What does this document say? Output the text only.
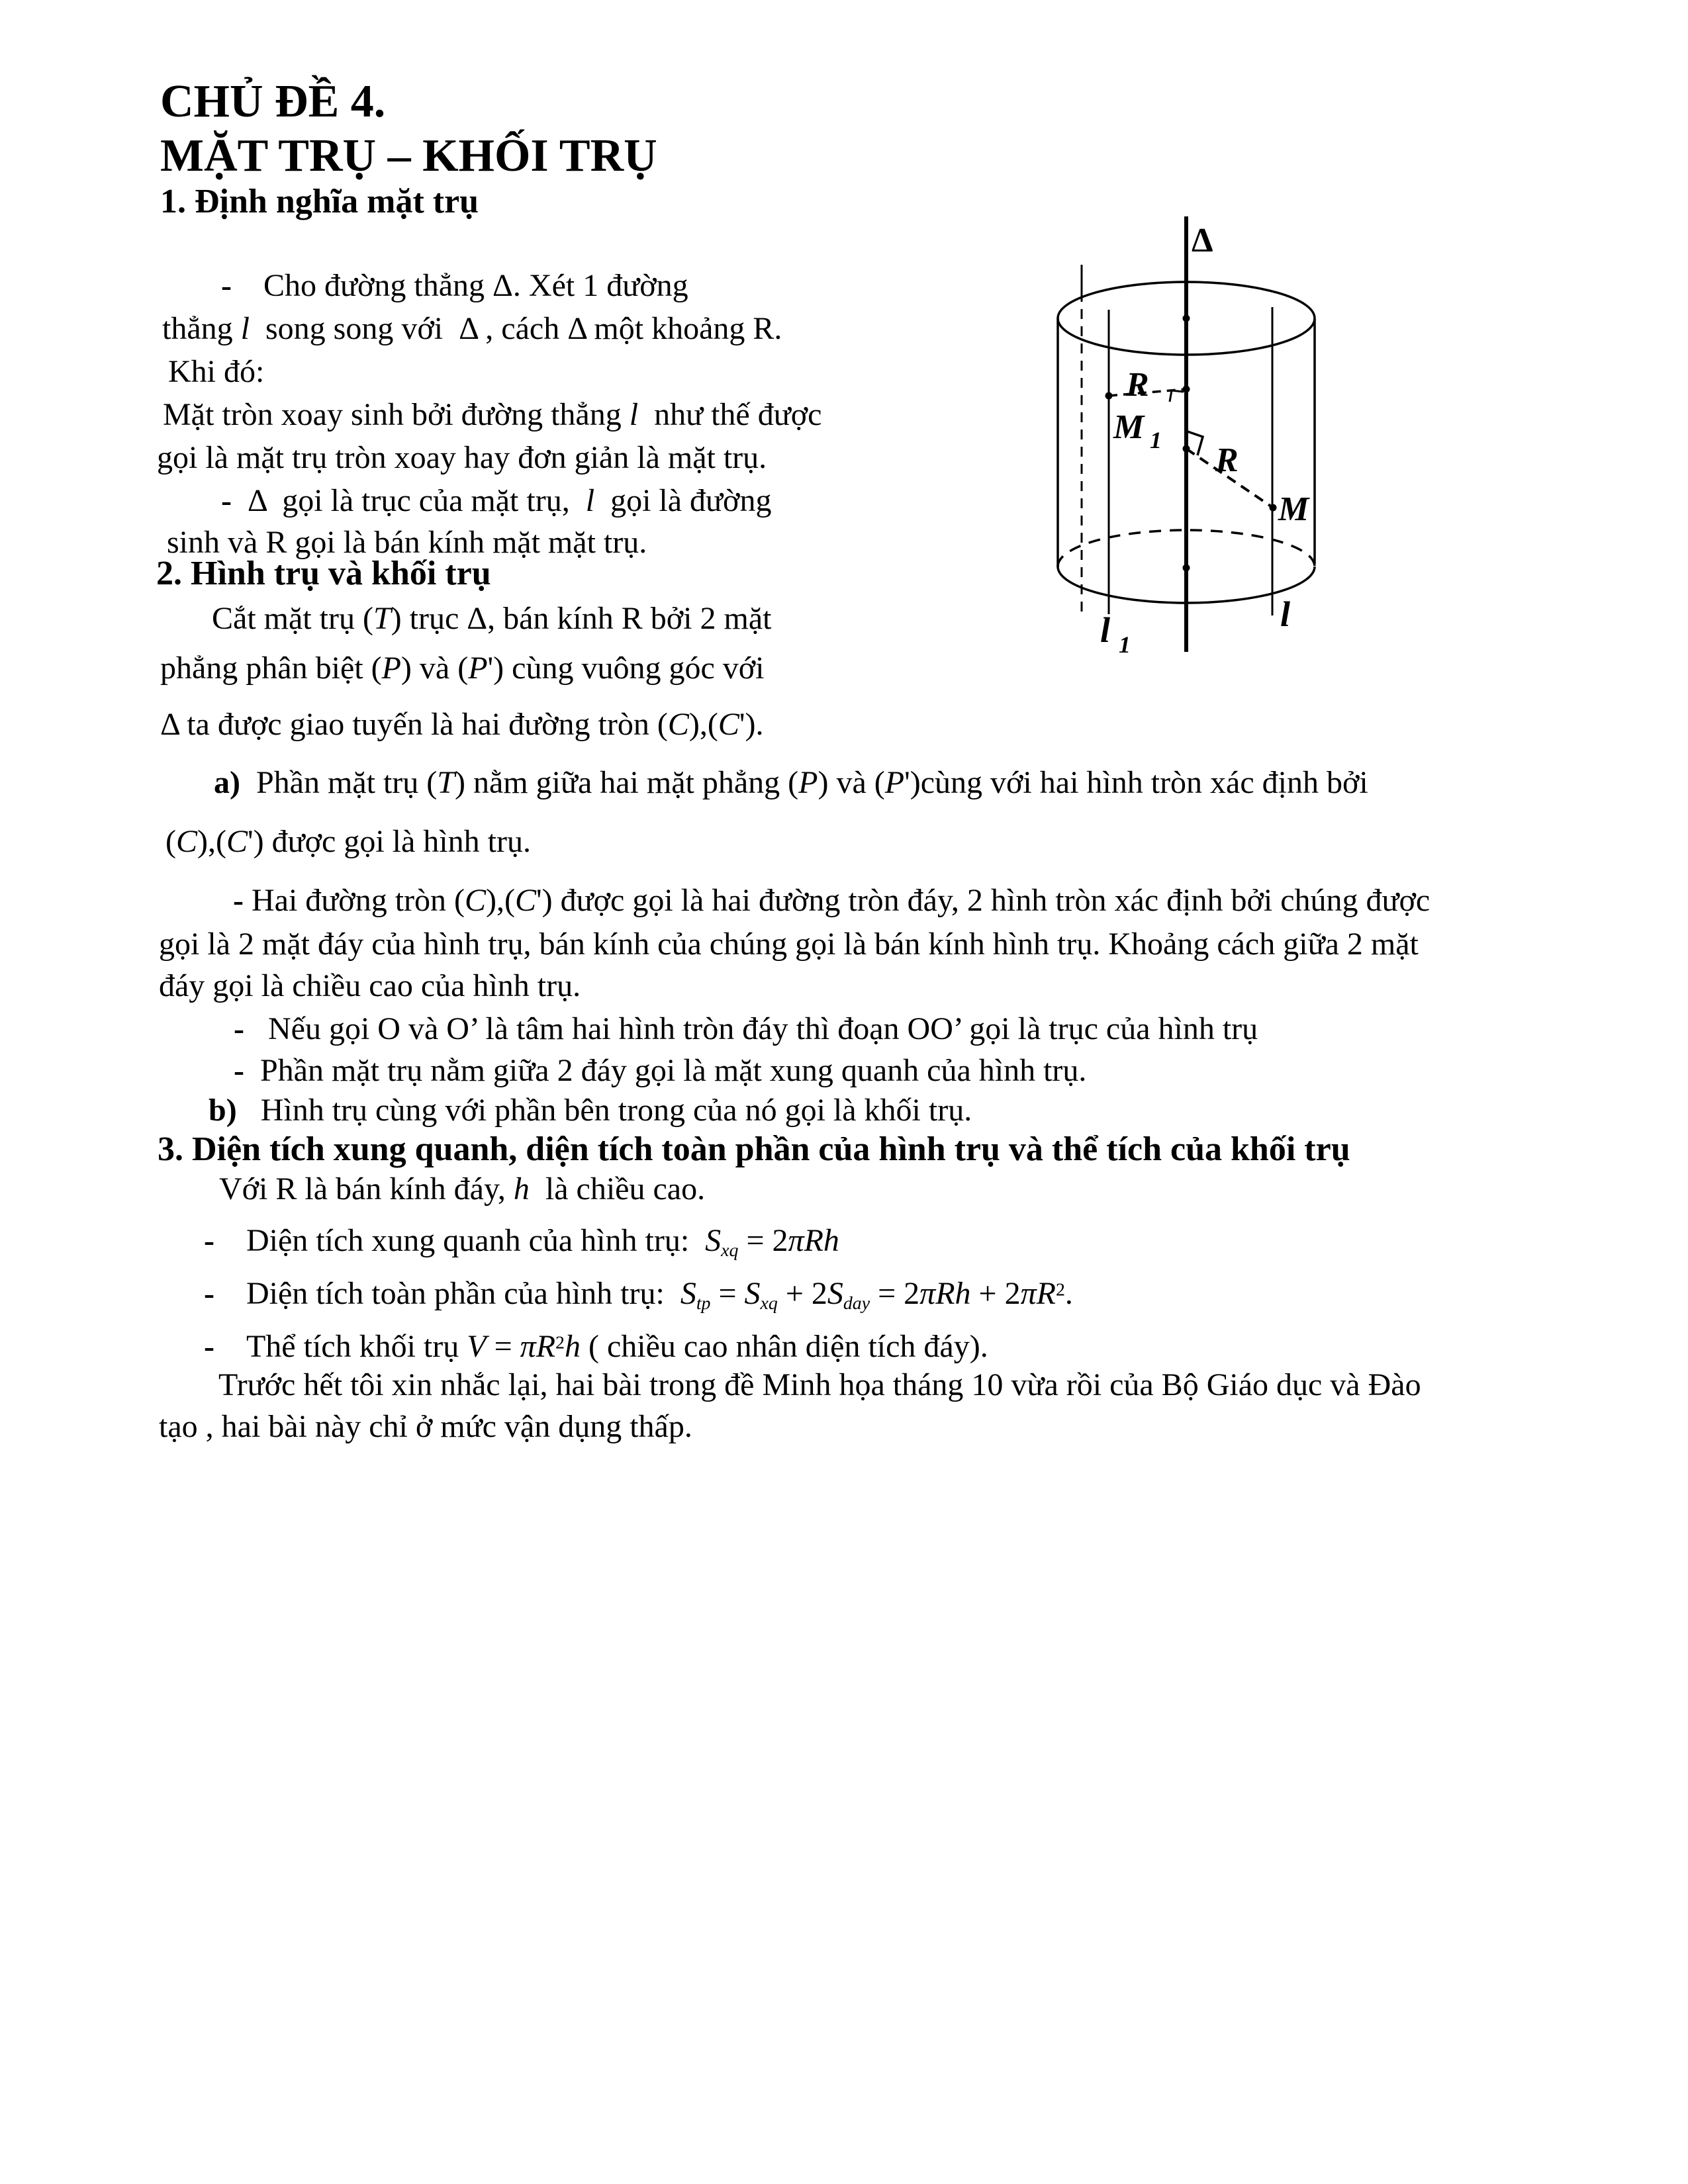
CHỦ ĐỀ 4.
MẶT TRỤ – KHỐI TRỤ
1. Định nghĩa mặt trụ
-    Cho đường thẳng Δ. Xét 1 đường
thẳng l  song song với  Δ , cách Δ một khoảng R.
Khi đó:
Mặt tròn xoay sinh bởi đường thẳng l  như thế được
gọi là mặt trụ tròn xoay hay đơn giản là mặt trụ.
-  Δ  gọi là trục của mặt trụ,  l  gọi là đường
sinh và R gọi là bán kính mặt mặt trụ.
2. Hình trụ và khối trụ
Cắt mặt trụ (T) trục Δ, bán kính R bởi 2 mặt
phẳng phân biệt (P) và (P') cùng vuông góc với
Δ ta được giao tuyến là hai đường tròn (C),(C').
a)  Phần mặt trụ (T) nằm giữa hai mặt phẳng (P) và (P')cùng với hai hình tròn xác định bởi
(C),(C') được gọi là hình trụ.
- Hai đường tròn (C),(C') được gọi là hai đường tròn đáy, 2 hình tròn xác định bởi chúng được
gọi là 2 mặt đáy của hình trụ, bán kính của chúng gọi là bán kính hình trụ. Khoảng cách giữa 2 mặt
đáy gọi là chiều cao của hình trụ.
-   Nếu gọi O và O’ là tâm hai hình tròn đáy thì đoạn OO’ gọi là trục của hình trụ
-  Phần mặt trụ nằm giữa 2 đáy gọi là mặt xung quanh của hình trụ.
b)   Hình trụ cùng với phần bên trong của nó gọi là khối trụ.
3. Diện tích xung quanh, diện tích toàn phần của hình trụ và thể tích của khối trụ
Với R là bán kính đáy, h  là chiều cao.
-    Diện tích xung quanh của hình trụ:  $S_{xq} = 2\pi Rh$
-    Diện tích toàn phần của hình trụ:  $S_{tp} = S_{xq} + 2S_{day} = 2\pi Rh + 2\pi R^2$.
-    Thể tích khối trụ $V = \pi R^2h$ ( chiều cao nhân diện tích đáy).
Trước hết tôi xin nhắc lại, hai bài trong đề Minh họa tháng 10 vừa rồi của Bộ Giáo dục và Đào
tạo , hai bài này chỉ ở mức vận dụng thấp.
Δ
R
M 1
R
M
l 1
l
